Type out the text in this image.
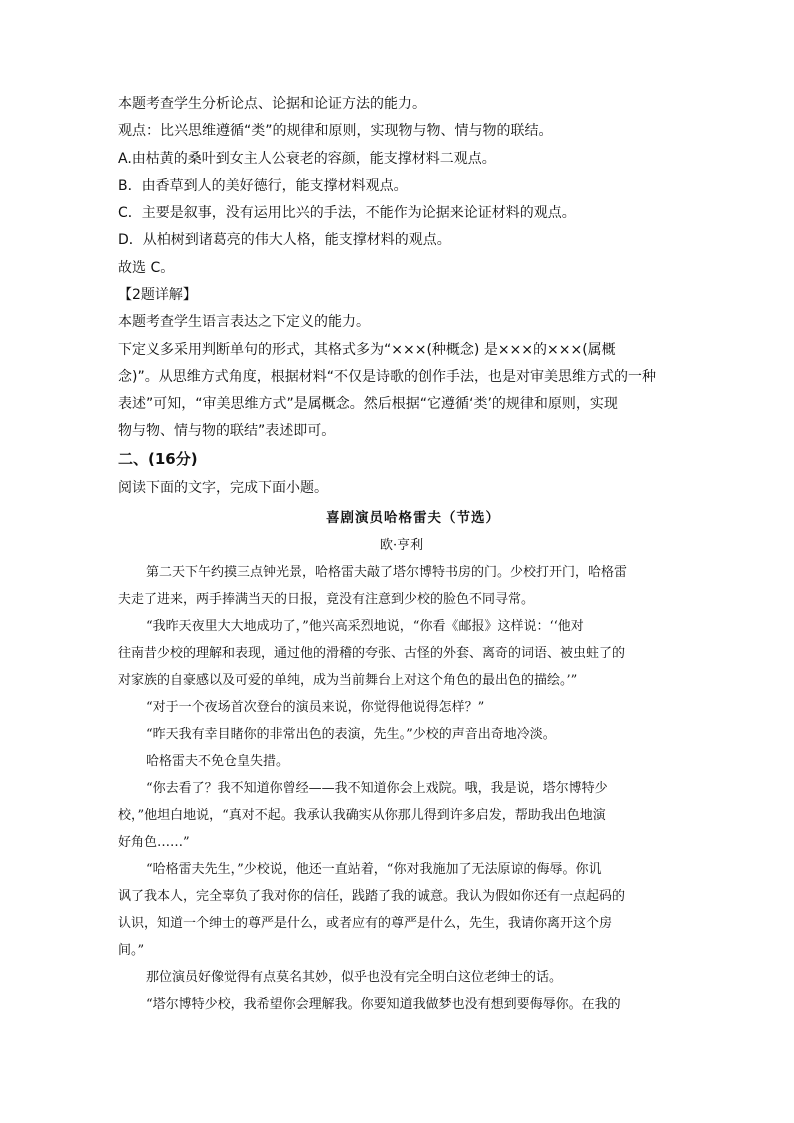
本题考查学生分析论点、论据和论证方法的能力。
观点：比兴思维遵循“类”的规律和原则，实现物与物、情与物的联结。
A.由枯黄的桑叶到女主人公衰老的容颜，能支撑材料二观点。
B．由香草到人的美好德行，能支撑材料观点。
C．主要是叙事，没有运用比兴的手法，不能作为论据来论证材料的观点。
D．从柏树到诸葛亮的伟大人格，能支撑材料的观点。
故选 C。
【2题详解】
本题考查学生语言表达之下定义的能力。
下定义多采用判断单句的形式，其格式多为“×××(种概念) 是×××的×××(属概
念)”。从思维方式角度，根据材料“不仅是诗歌的创作手法，也是对审美思维方式的一种
表述”可知，“审美思维方式”是属概念。然后根据“它遵循‘类’的规律和原则，实现
物与物、情与物的联结”表述即可。
二、(16分)
阅读下面的文字，完成下面小题。
喜剧演员哈格雷夫（节选）
欧·亨利
第二天下午约摸三点钟光景，哈格雷夫敲了塔尔博特书房的门。少校打开门，哈格雷
夫走了进来，两手捧满当天的日报，竟没有注意到少校的脸色不同寻常。
“我昨天夜里大大地成功了，”他兴高采烈地说，“你看《邮报》这样说：‘‘他对
往南昔少校的理解和表现，通过他的滑稽的夸张、古怪的外套、离奇的词语、被虫蛀了的
对家族的自豪感以及可爱的单纯，成为当前舞台上对这个角色的最出色的描绘。’”
“对于一个夜场首次登台的演员来说，你觉得他说得怎样？”
“昨天我有幸目睹你的非常出色的表演，先生。”少校的声音出奇地冷淡。
哈格雷夫不免仓皇失措。
“你去看了？我不知道你曾经——我不知道你会上戏院。哦，我是说，塔尔博特少
校，”他坦白地说，“真对不起。我承认我确实从你那儿得到许多启发，帮助我出色地演
好角色……”
“哈格雷夫先生，”少校说，他还一直站着，“你对我施加了无法原谅的侮辱。你讥
讽了我本人，完全辜负了我对你的信任，践踏了我的诚意。我认为假如你还有一点起码的
认识，知道一个绅士的尊严是什么，或者应有的尊严是什么，先生，我请你离开这个房
间。”
那位演员好像觉得有点莫名其妙，似乎也没有完全明白这位老绅士的话。
“塔尔博特少校，我希望你会理解我。你要知道我做梦也没有想到要侮辱你。在我的
